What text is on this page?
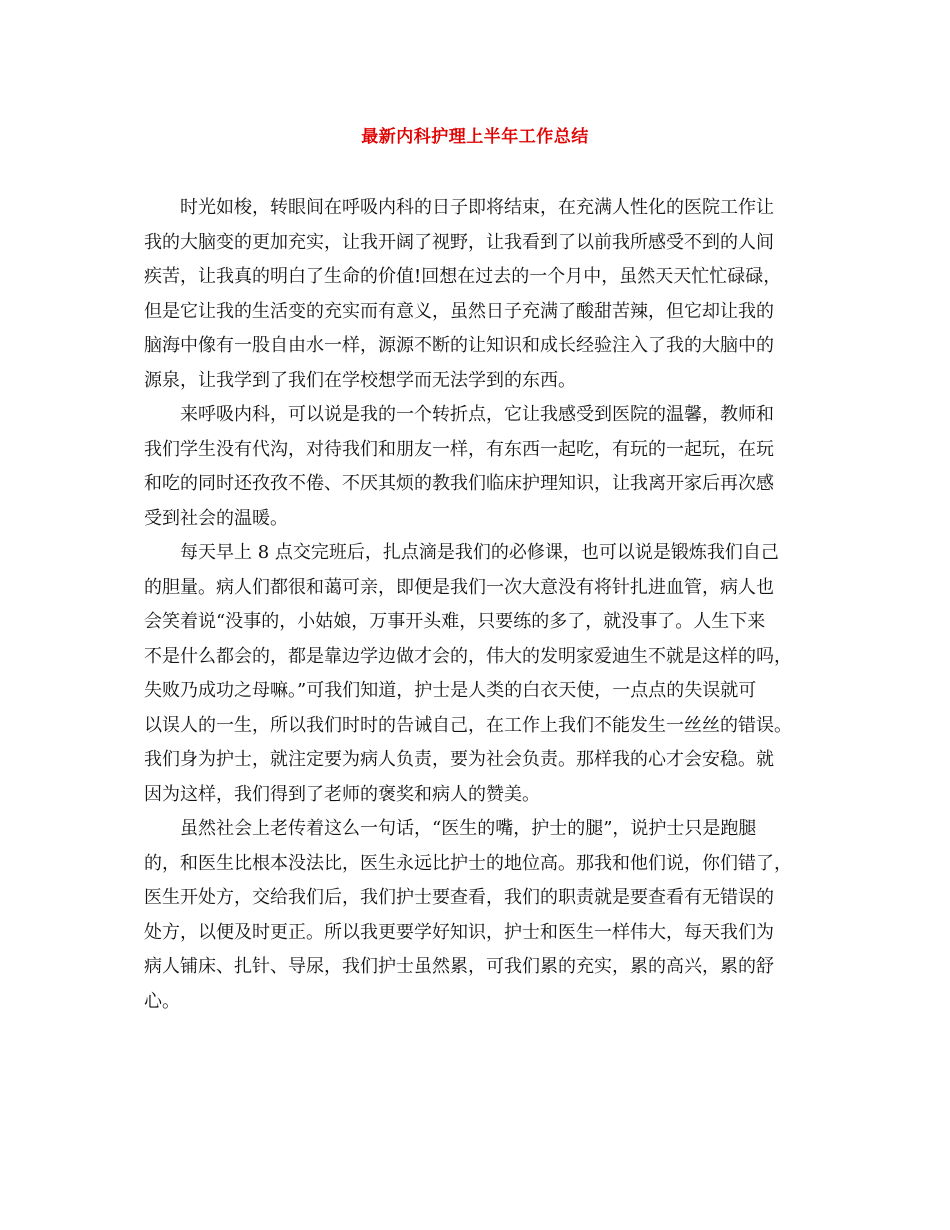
最新内科护理上半年工作总结
时光如梭，转眼间在呼吸内科的日子即将结束，在充满人性化的医院工作让
我的大脑变的更加充实，让我开阔了视野，让我看到了以前我所感受不到的人间
疾苦，让我真的明白了生命的价值!回想在过去的一个月中，虽然天天忙忙碌碌，
但是它让我的生活变的充实而有意义，虽然日子充满了酸甜苦辣，但它却让我的
脑海中像有一股自由水一样，源源不断的让知识和成长经验注入了我的大脑中的
源泉，让我学到了我们在学校想学而无法学到的东西。
来呼吸内科，可以说是我的一个转折点，它让我感受到医院的温馨，教师和
我们学生没有代沟，对待我们和朋友一样，有东西一起吃，有玩的一起玩，在玩
和吃的同时还孜孜不倦、不厌其烦的教我们临床护理知识，让我离开家后再次感
受到社会的温暖。
每天早上 8 点交完班后，扎点滴是我们的必修课，也可以说是锻炼我们自己
的胆量。病人们都很和蔼可亲，即便是我们一次大意没有将针扎进血管，病人也
会笑着说“没事的，小姑娘，万事开头难，只要练的多了，就没事了。人生下来
不是什么都会的，都是靠边学边做才会的，伟大的发明家爱迪生不就是这样的吗，
失败乃成功之母嘛。”可我们知道，护士是人类的白衣天使，一点点的失误就可
以误人的一生，所以我们时时的告诫自己，在工作上我们不能发生一丝丝的错误。
我们身为护士，就注定要为病人负责，要为社会负责。那样我的心才会安稳。就
因为这样，我们得到了老师的褒奖和病人的赞美。
虽然社会上老传着这么一句话，“医生的嘴，护士的腿”，说护士只是跑腿
的，和医生比根本没法比，医生永远比护士的地位高。那我和他们说，你们错了，
医生开处方，交给我们后，我们护士要查看，我们的职责就是要查看有无错误的
处方，以便及时更正。所以我更要学好知识，护士和医生一样伟大，每天我们为
病人铺床、扎针、导尿，我们护士虽然累，可我们累的充实，累的高兴，累的舒
心。
